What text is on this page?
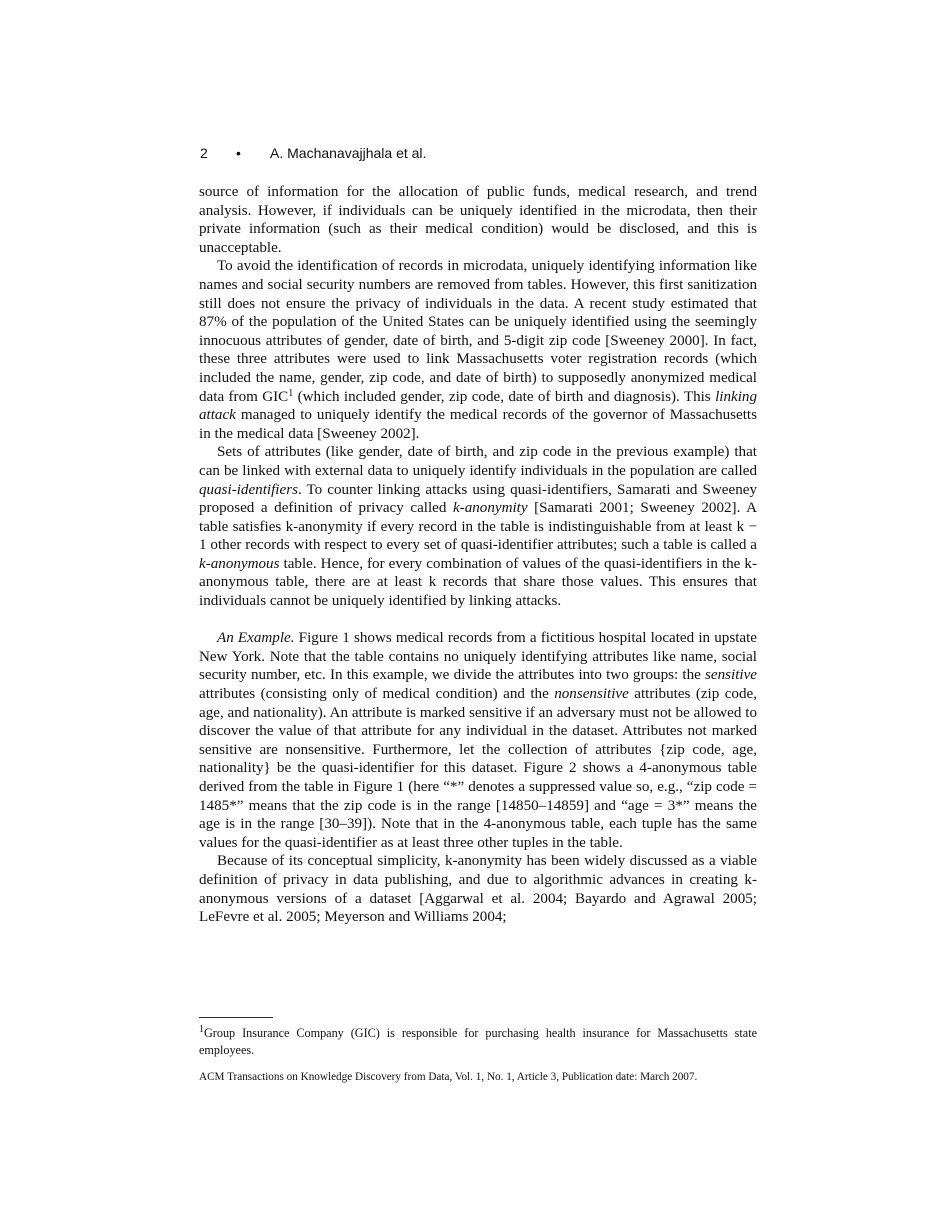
2 • A. Machanavajjhala et al.

source of information for the allocation of public funds, medical research, and trend analysis. However, if individuals can be uniquely identified in the microdata, then their private information (such as their medical condition) would be disclosed, and this is unacceptable.

To avoid the identification of records in microdata, uniquely identifying information like names and social security numbers are removed from tables. However, this first sanitization still does not ensure the privacy of individuals in the data. A recent study estimated that 87% of the population of the United States can be uniquely identified using the seemingly innocuous attributes of gender, date of birth, and 5-digit zip code [Sweeney 2000]. In fact, these three attributes were used to link Massachusetts voter registration records (which included the name, gender, zip code, and date of birth) to supposedly anonymized medical data from GIC$^1$ (which included gender, zip code, date of birth and diagnosis). This linking attack managed to uniquely identify the medical records of the governor of Massachusetts in the medical data [Sweeney 2002].

Sets of attributes (like gender, date of birth, and zip code in the previous example) that can be linked with external data to uniquely identify individuals in the population are called quasi-identifiers. To counter linking attacks using quasi-identifiers, Samarati and Sweeney proposed a definition of privacy called k-anonymity [Samarati 2001; Sweeney 2002]. A table satisfies k-anonymity if every record in the table is indistinguishable from at least k − 1 other records with respect to every set of quasi-identifier attributes; such a table is called a k-anonymous table. Hence, for every combination of values of the quasi-identifiers in the k-anonymous table, there are at least k records that share those values. This ensures that individuals cannot be uniquely identified by linking attacks.

An Example. Figure 1 shows medical records from a fictitious hospital located in upstate New York. Note that the table contains no uniquely identifying attributes like name, social security number, etc. In this example, we divide the attributes into two groups: the sensitive attributes (consisting only of medical condition) and the nonsensitive attributes (zip code, age, and nationality). An attribute is marked sensitive if an adversary must not be allowed to discover the value of that attribute for any individual in the dataset. Attributes not marked sensitive are nonsensitive. Furthermore, let the collection of attributes {zip code, age, nationality} be the quasi-identifier for this dataset. Figure 2 shows a 4-anonymous table derived from the table in Figure 1 (here “*” denotes a suppressed value so, e.g., “zip code = 1485*” means that the zip code is in the range [14850–14859] and “age = 3*” means the age is in the range [30–39]). Note that in the 4-anonymous table, each tuple has the same values for the quasi-identifier as at least three other tuples in the table.

Because of its conceptual simplicity, k-anonymity has been widely discussed as a viable definition of privacy in data publishing, and due to algorithmic advances in creating k-anonymous versions of a dataset [Aggarwal et al. 2004; Bayardo and Agrawal 2005; LeFevre et al. 2005; Meyerson and Williams 2004;

$^1$Group Insurance Company (GIC) is responsible for purchasing health insurance for Massachusetts state employees.
ACM Transactions on Knowledge Discovery from Data, Vol. 1, No. 1, Article 3, Publication date: March 2007.
